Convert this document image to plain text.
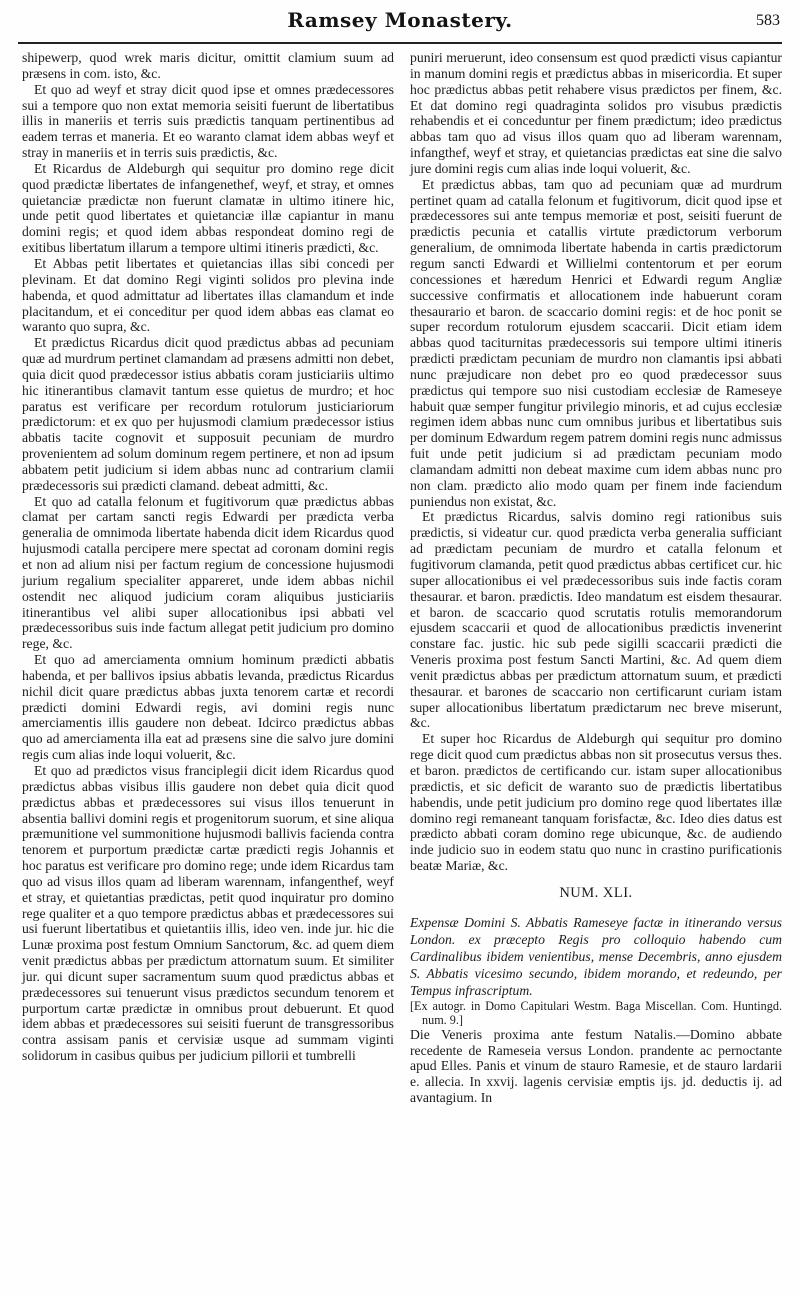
Ramsey Monastery.	583

shipewerp, quod wrek maris dicitur, omittit clamium suum ad præsens in com. isto, &c.

Et quo ad weyf et stray dicit quod ipse et omnes prædecessores sui a tempore quo non extat memoria seisiti fuerunt de libertatibus illis in maneriis et terris suis prædictis tanquam pertinentibus ad eadem terras et maneria. Et eo waranto clamat idem abbas weyf et stray in maneriis et in terris suis prædictis, &c.

Et Ricardus de Aldeburgh qui sequitur pro domino rege dicit quod prædictæ libertates de infangenethef, weyf, et stray, et omnes quietanciæ prædictæ non fuerunt clamatæ in ultimo itinere hic, unde petit quod libertates et quietanciæ illæ capiantur in manu domini regis; et quod idem abbas respondeat domino regi de exitibus libertatum illarum a tempore ultimi itineris prædicti, &c.

Et Abbas petit libertates et quietancias illas sibi concedi per plevinam. Et dat domino Regi viginti solidos pro plevina inde habenda, et quod admittatur ad libertates illas clamandum et inde placitandum, et ei conceditur per quod idem abbas eas clamat eo waranto quo supra, &c.

Et prædictus Ricardus dicit quod prædictus abbas ad pecuniam quæ ad murdrum pertinet clamandam ad præsens admitti non debet, quia dicit quod prædecessor istius abbatis coram justiciariis ultimo hic itinerantibus clamavit tantum esse quietus de murdro; et hoc paratus est verificare per recordum rotulorum justiciariorum prædictorum: et ex quo per hujusmodi clamium prædecessor istius abbatis tacite cognovit et supposuit pecuniam de murdro provenientem ad solum dominum regem pertinere, et non ad ipsum abbatem petit judicium si idem abbas nunc ad contrarium clamii prædecessoris sui prædicti clamand. debeat admitti, &c.

Et quo ad catalla felonum et fugitivorum quæ prædictus abbas clamat per cartam sancti regis Edwardi per prædicta verba generalia de omnimoda libertate habenda dicit idem Ricardus quod hujusmodi catalla percipere mere spectat ad coronam domini regis et non ad alium nisi per factum regium de concessione hujusmodi jurium regalium specialiter appareret, unde idem abbas nichil ostendit nec aliquod judicium coram aliquibus justiciariis itinerantibus vel alibi super allocationibus ipsi abbati vel prædecessoribus suis inde factum allegat petit judicium pro domino rege, &c.

Et quo ad amerciamenta omnium hominum prædicti abbatis habenda, et per ballivos ipsius abbatis levanda, prædictus Ricardus nichil dicit quare prædictus abbas juxta tenorem cartæ et recordi prædicti domini Edwardi regis, avi domini regis nunc amerciamentis illis gaudere non debeat. Idcirco prædictus abbas quo ad amerciamenta illa eat ad præsens sine die salvo jure domini regis cum alias inde loqui voluerit, &c.

Et quo ad prædictos visus franciplegii dicit idem Ricardus quod prædictus abbas visibus illis gaudere non debet quia dicit quod prædictus abbas et prædecessores sui visus illos tenuerunt in absentia ballivi domini regis et progenitorum suorum, et sine aliqua præmunitione vel summonitione hujusmodi ballivis facienda contra tenorem et purportum prædictæ cartæ prædicti regis Johannis et hoc paratus est verificare pro domino rege; unde idem Ricardus tam quo ad visus illos quam ad liberam warennam, infangenthef, weyf et stray, et quietantias prædictas, petit quod inquiratur pro domino rege qualiter et a quo tempore prædictus abbas et prædecessores sui usi fuerunt libertatibus et quietantiis illis, ideo ven. inde jur. hic die Lunæ proxima post festum Omnium Sanctorum, &c. ad quem diem venit prædictus abbas per prædictum attornatum suum. Et similiter jur. qui dicunt super sacramentum suum quod prædictus abbas et prædecessores sui tenuerunt visus prædictos secundum tenorem et purportum cartæ prædictæ in omnibus prout debuerunt. Et quod idem abbas et prædecessores sui seisiti fuerunt de transgressoribus contra assisam panis et cervisiæ usque ad summam viginti solidorum in casibus quibus per judicium pillorii et tumbrelli

puniri meruerunt, ideo consensum est quod prædicti visus capiantur in manum domini regis et prædictus abbas in misericordia. Et super hoc prædictus abbas petit rehabere visus prædictos per finem, &c. Et dat domino regi quadraginta solidos pro visubus prædictis rehabendis et ei conceduntur per finem prædictum; ideo prædictus abbas tam quo ad visus illos quam quo ad liberam warennam, infangthef, weyf et stray, et quietancias prædictas eat sine die salvo jure domini regis cum alias inde loqui voluerit, &c.

Et prædictus abbas, tam quo ad pecuniam quæ ad murdrum pertinet quam ad catalla felonum et fugitivorum, dicit quod ipse et prædecessores sui ante tempus memoriæ et post, seisiti fuerunt de prædictis pecunia et catallis virtute prædictorum verborum generalium, de omnimoda libertate habenda in cartis prædictorum regum sancti Edwardi et Willielmi contentorum et per eorum concessiones et hæredum Henrici et Edwardi regum Angliæ successive confirmatis et allocationem inde habuerunt coram thesaurario et baron. de scaccario domini regis: et de hoc ponit se super recordum rotulorum ejusdem scaccarii. Dicit etiam idem abbas quod taciturnitas prædecessoris sui tempore ultimi itineris prædicti prædictam pecuniam de murdro non clamantis ipsi abbati nunc præjudicare non debet pro eo quod prædecessor suus prædictus qui tempore suo nisi custodiam ecclesiæ de Rameseye habuit quæ semper fungitur privilegio minoris, et ad cujus ecclesiæ regimen idem abbas nunc cum omnibus juribus et libertatibus suis per dominum Edwardum regem patrem domini regis nunc admissus fuit unde petit judicium si ad prædictam pecuniam modo clamandam admitti non debeat maxime cum idem abbas nunc pro non clam. prædicto alio modo quam per finem inde faciendum puniendus non existat, &c.

Et prædictus Ricardus, salvis domino regi rationibus suis prædictis, si videatur cur. quod prædicta verba generalia sufficiant ad prædictam pecuniam de murdro et catalla felonum et fugitivorum clamanda, petit quod prædictus abbas certificet cur. hic super allocationibus ei vel prædecessoribus suis inde factis coram thesaurar. et baron. prædictis. Ideo mandatum est eisdem thesaurar. et baron. de scaccario quod scrutatis rotulis memorandorum ejusdem scaccarii et quod de allocationibus prædictis invenerint constare fac. justic. hic sub pede sigilli scaccarii prædicti die Veneris proxima post festum Sancti Martini, &c. Ad quem diem venit prædictus abbas per prædictum attornatum suum, et prædicti thesaurar. et barones de scaccario non certificarunt curiam istam super allocationibus libertatum prædictarum nec breve miserunt, &c.

Et super hoc Ricardus de Aldeburgh qui sequitur pro domino rege dicit quod cum prædictus abbas non sit prosecutus versus thes. et baron. prædictos de certificando cur. istam super allocationibus prædictis, et sic deficit de waranto suo de prædictis libertatibus habendis, unde petit judicium pro domino rege quod libertates illæ domino regi remaneant tanquam forisfactæ, &c. Ideo dies datus est prædicto abbati coram domino rege ubicunque, &c. de audiendo inde judicio suo in eodem statu quo nunc in crastino purificationis beatæ Mariæ, &c.

NUM. XLI.

Expensæ Domini S. Abbatis Rameseye factæ in itinerando versus London. ex præcepto Regis pro colloquio habendo cum Cardinalibus ibidem venientibus, mense Decembris, anno ejusdem S. Abbatis vicesimo secundo, ibidem morando, et redeundo, per Tempus infrascriptum.

[Ex autogr. in Domo Capitulari Westm. Baga Miscellan. Com. Huntingd. num. 9.]

Die Veneris proxima ante festum Natalis.—Domino abbate recedente de Rameseia versus London. prandente ac pernoctante apud Elles. Panis et vinum de stauro Ramesie, et de stauro lardarii e. allecia. In xxvij. lagenis cervisiæ emptis ijs. jd. deductis ij. ad avantagium. In
